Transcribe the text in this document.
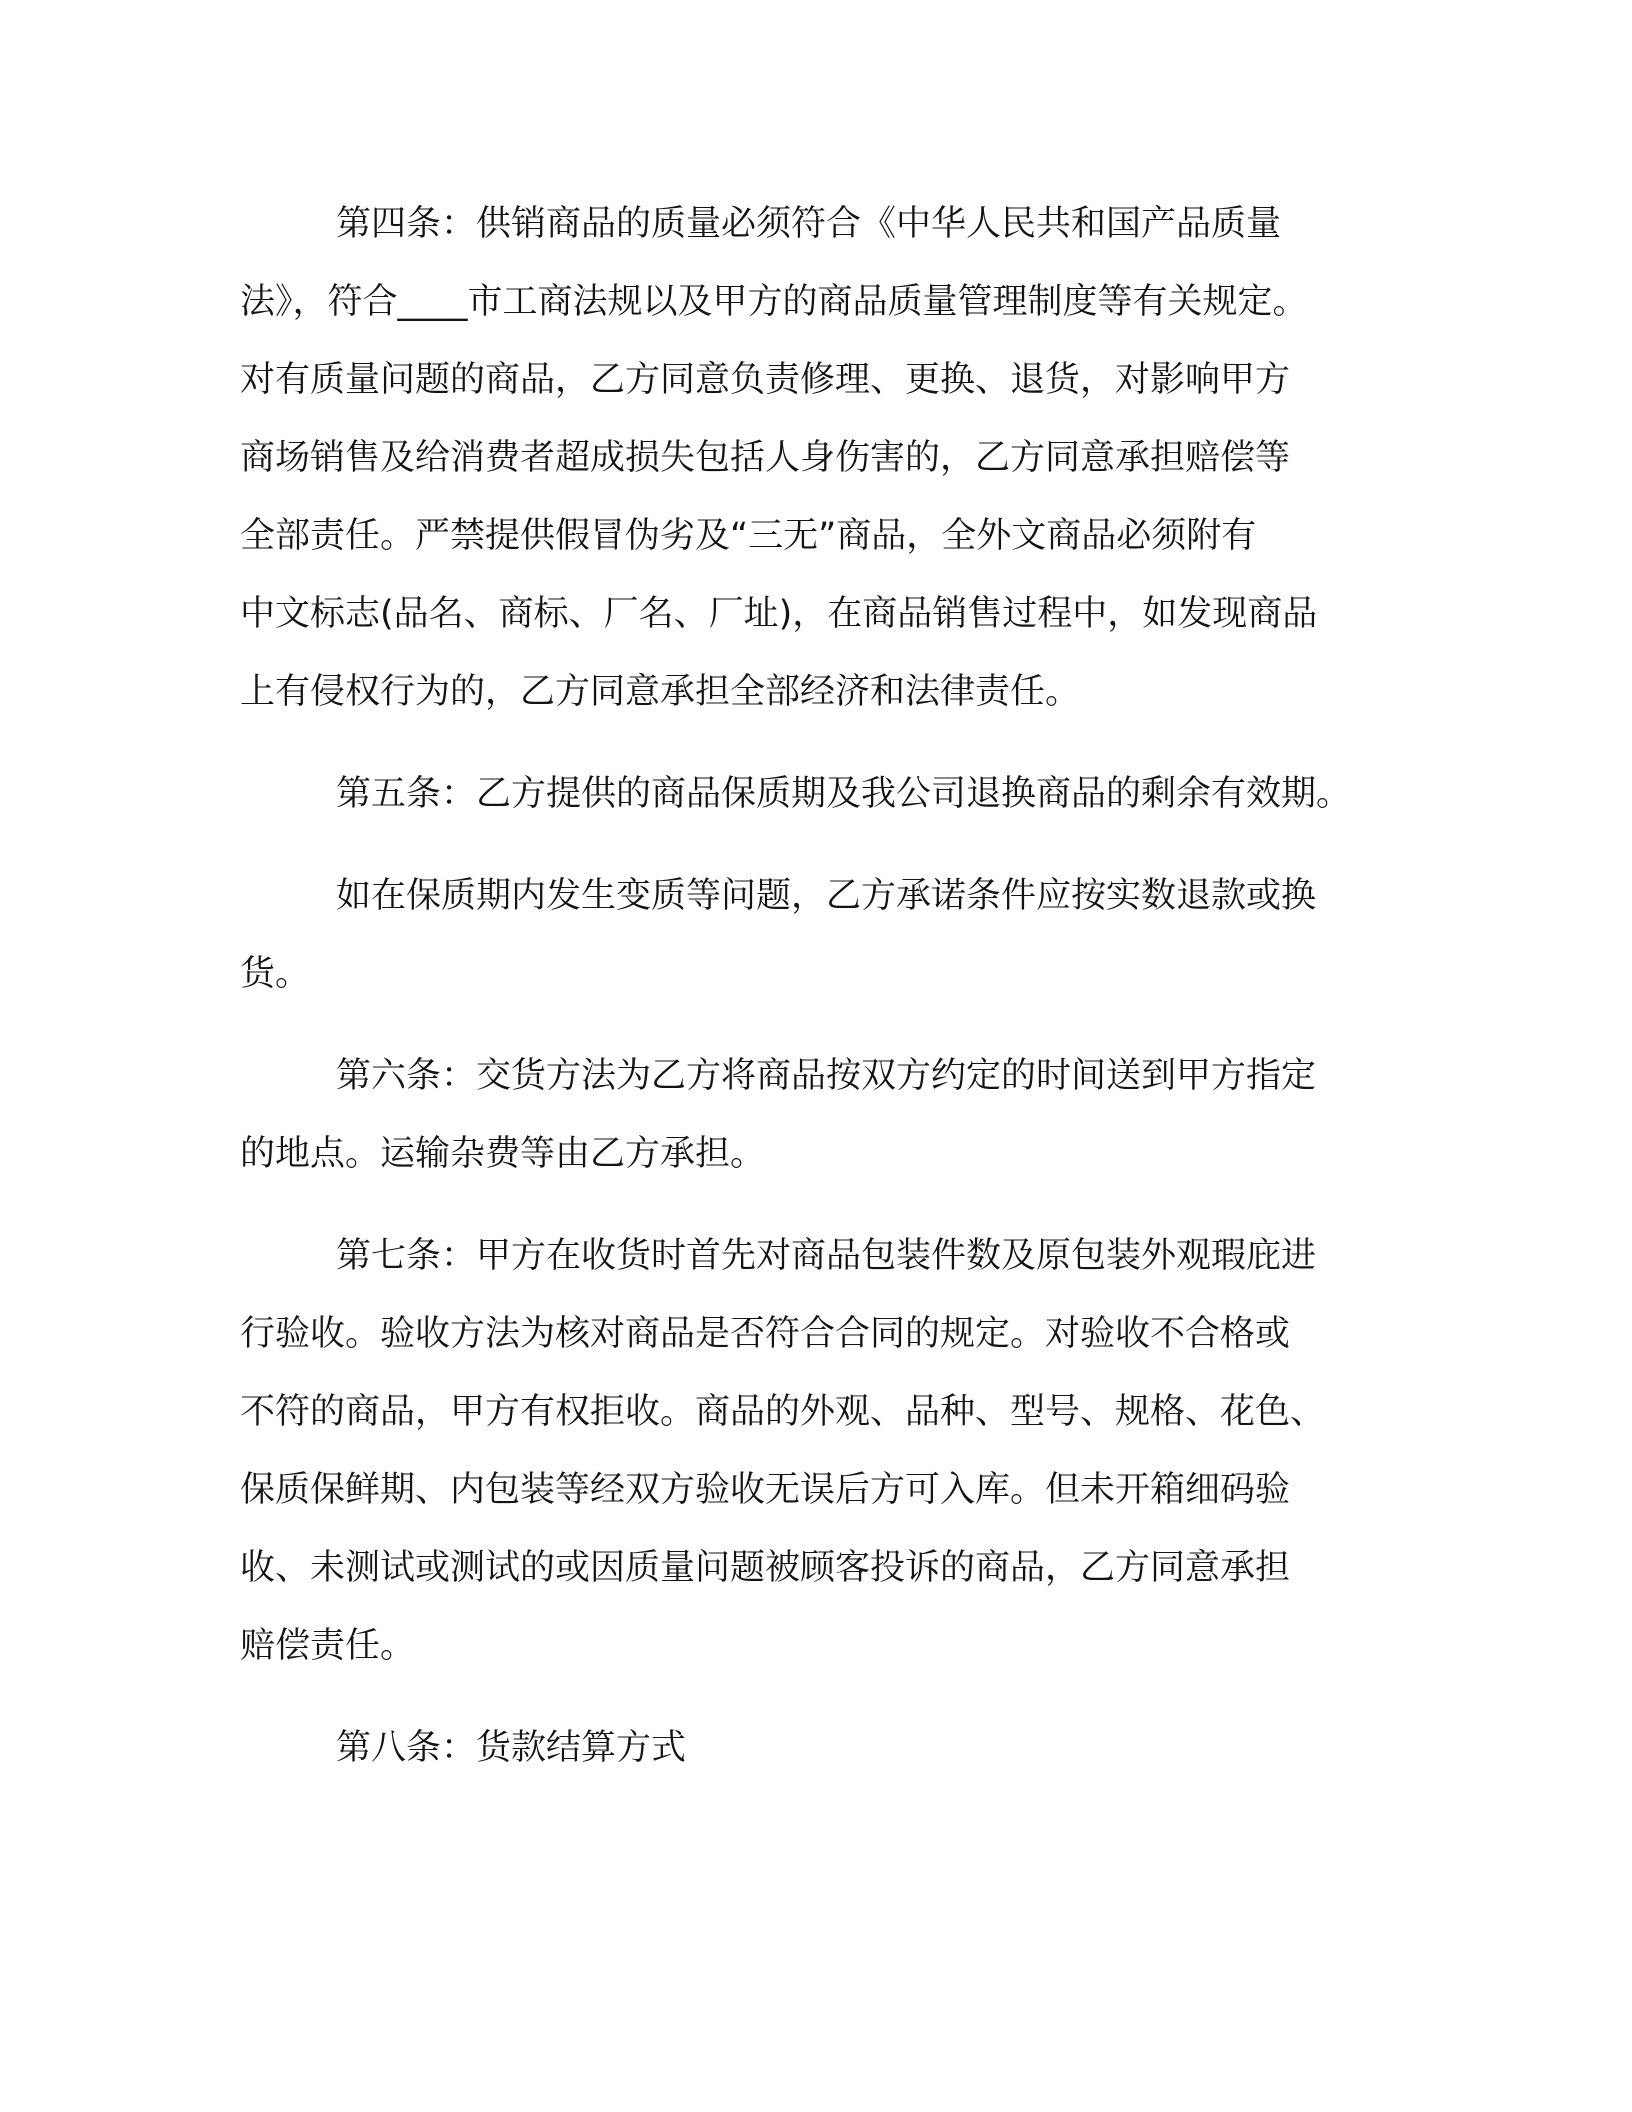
第四条：供销商品的质量必须符合《中华人民共和国产品质量
法》，符合____市工商法规以及甲方的商品质量管理制度等有关规定。
对有质量问题的商品，乙方同意负责修理、更换、退货，对影响甲方
商场销售及给消费者超成损失包括人身伤害的，乙方同意承担赔偿等
全部责任。严禁提供假冒伪劣及“三无”商品，全外文商品必须附有
中文标志(品名、商标、厂名、厂址)，在商品销售过程中，如发现商品
上有侵权行为的，乙方同意承担全部经济和法律责任。
第五条：乙方提供的商品保质期及我公司退换商品的剩余有效期。
如在保质期内发生变质等问题，乙方承诺条件应按实数退款或换
货。
第六条：交货方法为乙方将商品按双方约定的时间送到甲方指定
的地点。运输杂费等由乙方承担。
第七条：甲方在收货时首先对商品包装件数及原包装外观瑕庇进
行验收。验收方法为核对商品是否符合合同的规定。对验收不合格或
不符的商品，甲方有权拒收。商品的外观、品种、型号、规格、花色、
保质保鲜期、内包装等经双方验收无误后方可入库。但未开箱细码验
收、未测试或测试的或因质量问题被顾客投诉的商品，乙方同意承担
赔偿责任。
第八条：货款结算方式
